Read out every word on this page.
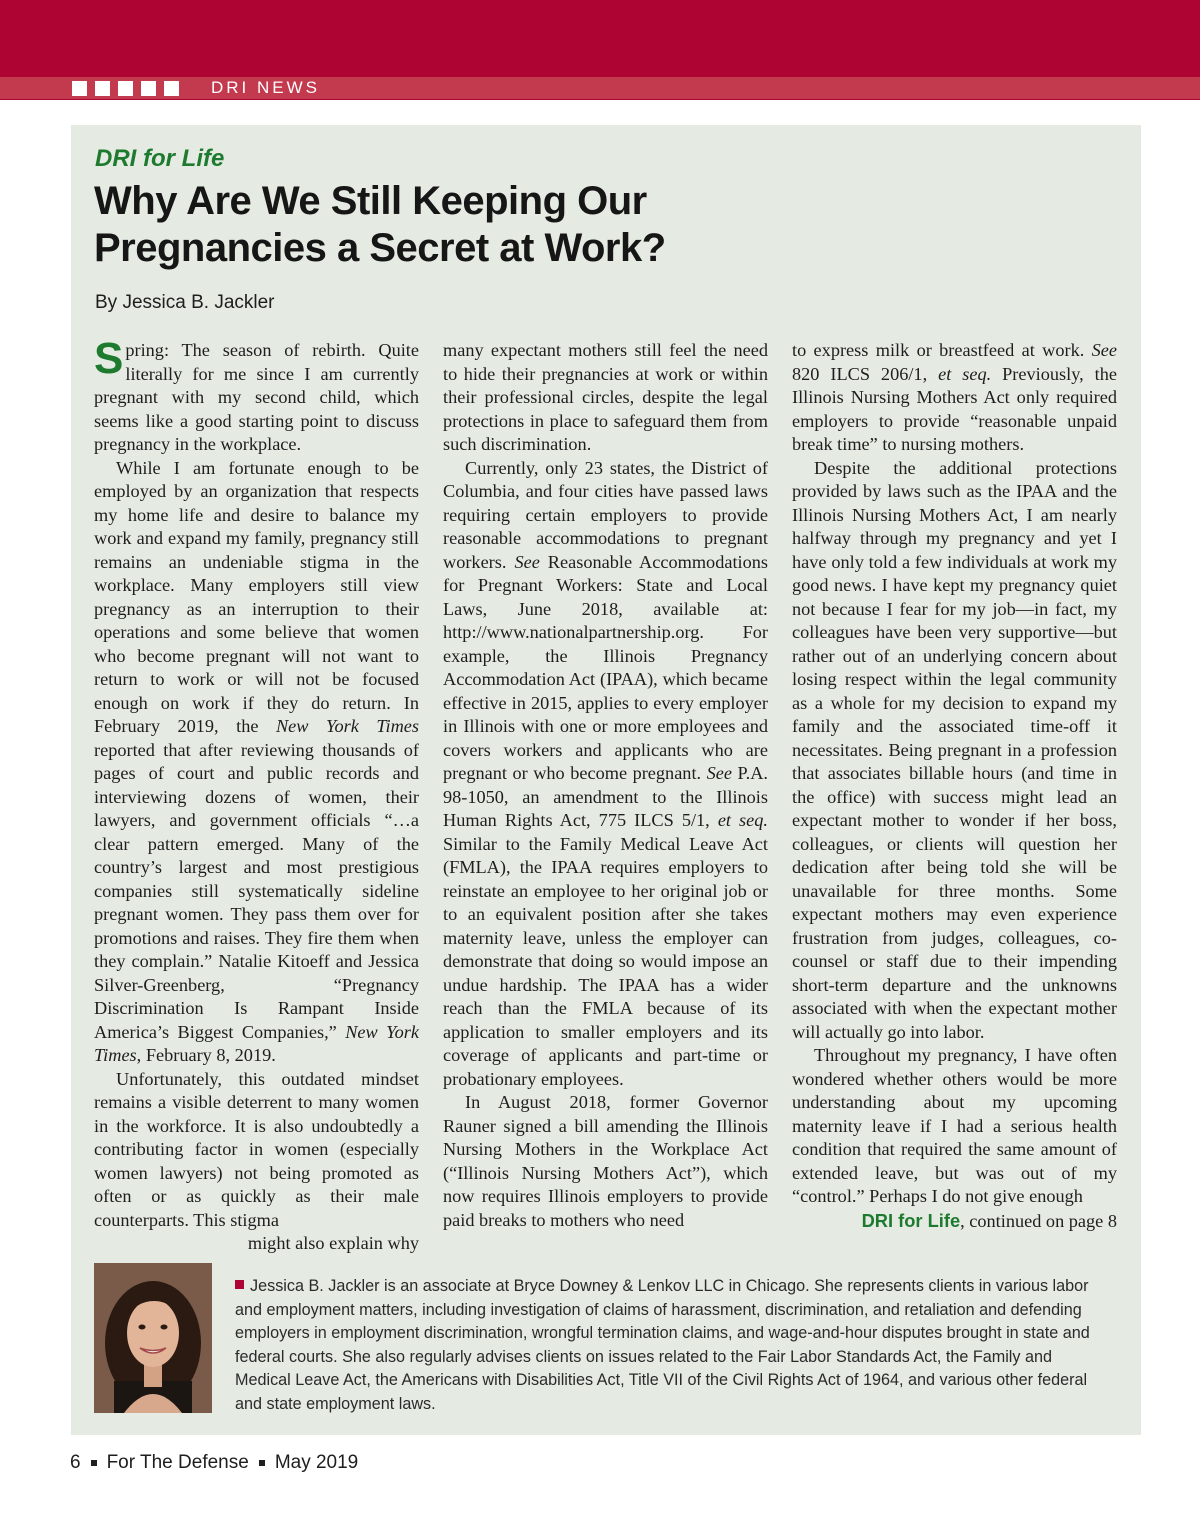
DRI NEWS
DRI for Life
Why Are We Still Keeping Our
Pregnancies a Secret at Work?
By Jessica B. Jackler

Spring: The season of rebirth. Quite literally for me since I am currently pregnant with my second child, which seems like a good starting point to discuss pregnancy in the workplace.

While I am fortunate enough to be employed by an organization that respects my home life and desire to balance my work and expand my family, pregnancy still remains an undeniable stigma in the workplace. Many employers still view pregnancy as an interruption to their operations and some believe that women who become pregnant will not want to return to work or will not be focused enough on work if they do return. In February 2019, the New York Times reported that after reviewing thousands of pages of court and public records and interviewing dozens of women, their lawyers, and government officials “…a clear pattern emerged. Many of the country’s largest and most prestigious companies still systematically sideline pregnant women. They pass them over for promotions and raises. They fire them when they complain.” Natalie Kitoeff and Jessica Silver-Greenberg, “Pregnancy Discrimination Is Rampant Inside America’s Biggest Companies,” New York Times, February 8, 2019.

Unfortunately, this outdated mindset remains a visible deterrent to many women in the workforce. It is also undoubtedly a contributing factor in women (especially women lawyers) not being promoted as often or as quickly as their male counterparts. This stigma

might also explain why

many expectant mothers still feel the need to hide their pregnancies at work or within their professional circles, despite the legal protections in place to safeguard them from such discrimination.

Currently, only 23 states, the District of Columbia, and four cities have passed laws requiring certain employers to provide reasonable accommodations to pregnant workers. See Reasonable Accommodations for Pregnant Workers: State and Local Laws, June 2018, available at: http://www.nationalpartnership.org. For example, the Illinois Pregnancy Accommodation Act (IPAA), which became effective in 2015, applies to every employer in Illinois with one or more employees and covers workers and applicants who are pregnant or who become pregnant. See P.A. 98-1050, an amendment to the Illinois Human Rights Act, 775 ILCS 5/1, et seq. Similar to the Family Medical Leave Act (FMLA), the IPAA requires employers to reinstate an employee to her original job or to an equivalent position after she takes maternity leave, unless the employer can demonstrate that doing so would impose an undue hardship. The IPAA has a wider reach than the FMLA because of its application to smaller employers and its coverage of applicants and part-time or probationary employees.

In August 2018, former Governor Rauner signed a bill amending the Illinois Nursing Mothers in the Workplace Act (“Illinois Nursing Mothers Act”), which now requires Illinois employers to provide paid breaks to mothers who need

to express milk or breastfeed at work. See 820 ILCS 206/1, et seq. Previously, the Illinois Nursing Mothers Act only required employers to provide “reasonable unpaid break time” to nursing mothers.

Despite the additional protections provided by laws such as the IPAA and the Illinois Nursing Mothers Act, I am nearly halfway through my pregnancy and yet I have only told a few individuals at work my good news. I have kept my pregnancy quiet not because I fear for my job—in fact, my colleagues have been very supportive—but rather out of an underlying concern about losing respect within the legal community as a whole for my decision to expand my family and the associated time-off it necessitates. Being pregnant in a profession that associates billable hours (and time in the office) with success might lead an expectant mother to wonder if her boss, colleagues, or clients will question her dedication after being told she will be unavailable for three months. Some expectant mothers may even experience frustration from judges, colleagues, co-counsel or staff due to their impending short-term departure and the unknowns associated with when the expectant mother will actually go into labor.

Throughout my pregnancy, I have often wondered whether others would be more understanding about my upcoming maternity leave if I had a serious health condition that required the same amount of extended leave, but was out of my “control.” Perhaps I do not give enough

DRI for Life, continued on page 8

Jessica B. Jackler is an associate at Bryce Downey & Lenkov LLC in Chicago. She represents clients in various labor and employment matters, including investigation of claims of harassment, discrimination, and retaliation and defending employers in employment discrimination, wrongful termination claims, and wage-and-hour disputes brought in state and federal courts. She also regularly advises clients on issues related to the Fair Labor Standards Act, the Family and Medical Leave Act, the Americans with Disabilities Act, Title VII of the Civil Rights Act of 1964, and various other federal and state employment laws.

6 For The Defense May 2019
